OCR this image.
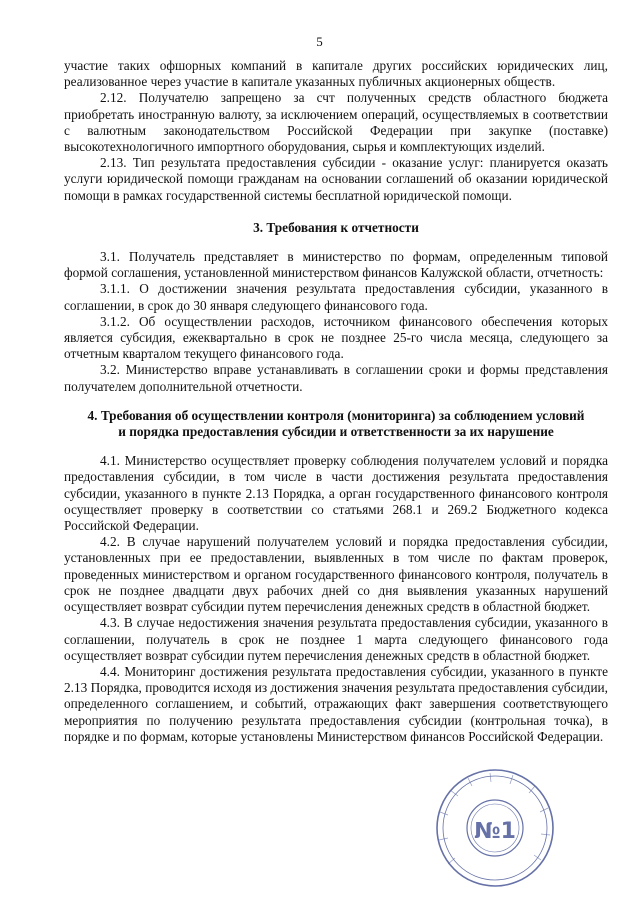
5

участие таких офшорных компаний в капитале других российских юридических лиц, реализованное через участие в капитале указанных публичных акционерных обществ.

2.12. Получателю запрещено за счт полученных средств областного бюджета приобретать иностранную валюту, за исключением операций, осуществляемых в соответствии с валютным законодательством Российской Федерации при закупке (поставке) высокотехнологичного импортного оборудования, сырья и комплектующих изделий.

2.13. Тип результата предоставления субсидии - оказание услуг: планируется оказать услуги юридической помощи гражданам на основании соглашений об оказании юридической помощи в рамках государственной системы бесплатной юридической помощи.

3. Требования к отчетности

3.1. Получатель представляет в министерство по формам, определенным типовой формой соглашения, установленной министерством финансов Калужской области, отчетность:

3.1.1. О достижении значения результата предоставления субсидии, указанного в соглашении, в срок до 30 января следующего финансового года.

3.1.2. Об осуществлении расходов, источником финансового обеспечения которых является субсидия, ежеквартально в срок не позднее 25-го числа месяца, следующего за отчетным кварталом текущего финансового года.

3.2. Министерство вправе устанавливать в соглашении сроки и формы представления получателем дополнительной отчетности.

4. Требования об осуществлении контроля (мониторинга) за соблюдением условий
и порядка предоставления субсидии и ответственности за их нарушение

4.1. Министерство осуществляет проверку соблюдения получателем условий и порядка предоставления субсидии, в том числе в части достижения результата предоставления субсидии, указанного в пункте 2.13 Порядка, а орган государственного финансового контроля осуществляет проверку в соответствии со статьями 268.1 и 269.2 Бюджетного кодекса Российской Федерации.

4.2. В случае нарушений получателем условий и порядка предоставления субсидии, установленных при ее предоставлении, выявленных в том числе по фактам проверок, проведенных министерством и органом государственного финансового контроля, получатель в срок не позднее двадцати двух рабочих дней со дня выявления указанных нарушений осуществляет возврат субсидии путем перечисления денежных средств в областной бюджет.

4.3. В случае недостижения значения результата предоставления субсидии, указанного в соглашении, получатель в срок не позднее 1 марта следующего финансового года осуществляет возврат субсидии путем перечисления денежных средств в областной бюджет.

4.4. Мониторинг достижения результата предоставления субсидии, указанного в пункте 2.13 Порядка, проводится исходя из достижения значения результата предоставления субсидии, определенного соглашением, и событий, отражающих факт завершения соответствующего мероприятия по получению результата предоставления субсидии (контрольная точка), в порядке и по формам, которые установлены Министерством финансов Российской Федерации.

№1
